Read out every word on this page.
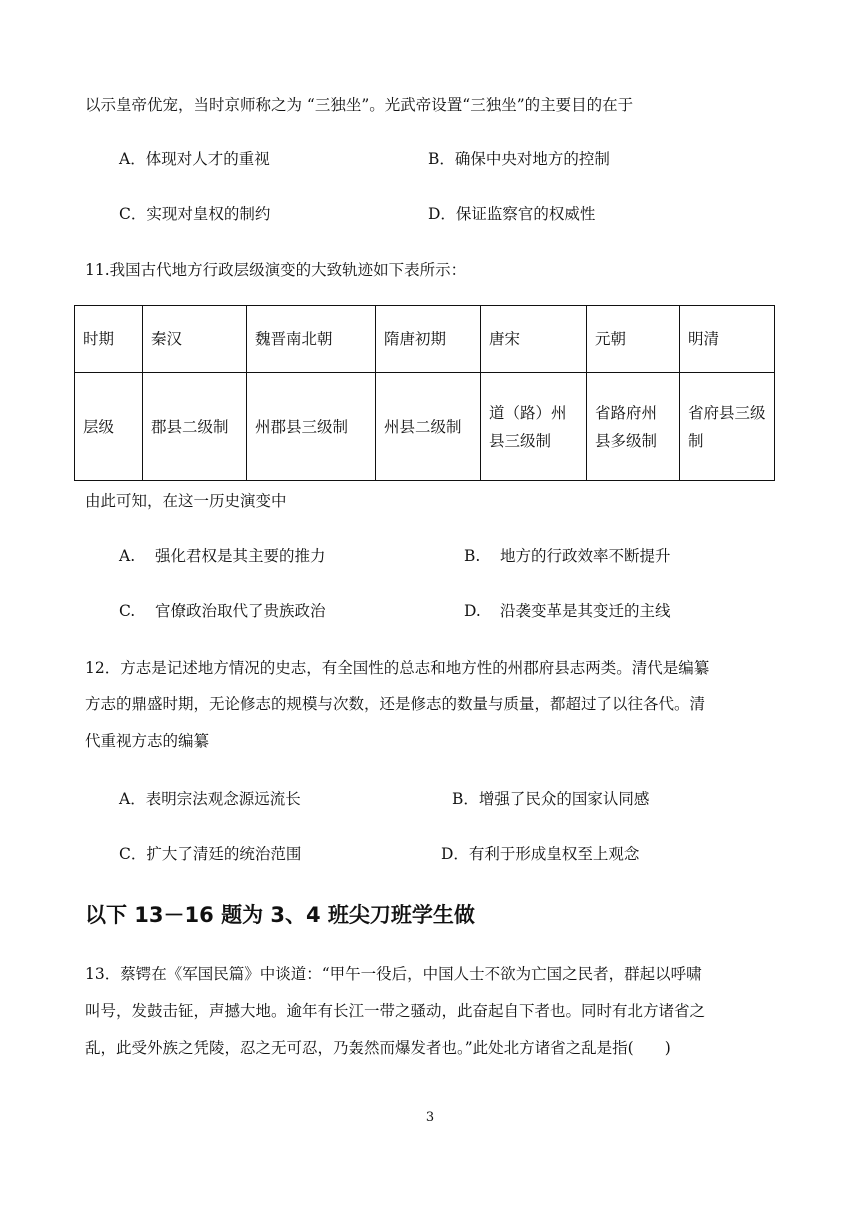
以示皇帝优宠，当时京师称之为 “三独坐”。光武帝设置“三独坐”的主要目的在于
A．体现对人才的重视	B．确保中央对地方的控制
C．实现对皇权的制约	D．保证监察官的权威性
11.我国古代地方行政层级演变的大致轨迹如下表所示：
时期	秦汉	魏晋南北朝	隋唐初期	唐宋	元朝	明清
层级	郡县二级制	州郡县三级制	州县二级制	道（路）州县三级制	省路府州县多级制	省府县三级制
由此可知，在这一历史演变中
A. 强化君权是其主要的推力	B. 地方的行政效率不断提升
C. 官僚政治取代了贵族政治	D. 沿袭变革是其变迁的主线
12．方志是记述地方情况的史志，有全国性的总志和地方性的州郡府县志两类。清代是编纂
方志的鼎盛时期，无论修志的规模与次数，还是修志的数量与质量，都超过了以往各代。清
代重视方志的编纂
A．表明宗法观念源远流长	B．增强了民众的国家认同感
C．扩大了清廷的统治范围	D．有利于形成皇权至上观念
以下 13－16 题为 3、4 班尖刀班学生做
13．蔡锷在《军国民篇》中谈道：“甲午一役后，中国人士不欲为亡国之民者，群起以呼啸
叫号，发鼓击钲，声撼大地。逾年有长江一带之骚动，此奋起自下者也。同时有北方诸省之
乱，此受外族之凭陵，忍之无可忍，乃轰然而爆发者也。”此处北方诸省之乱是指(　　)
3
